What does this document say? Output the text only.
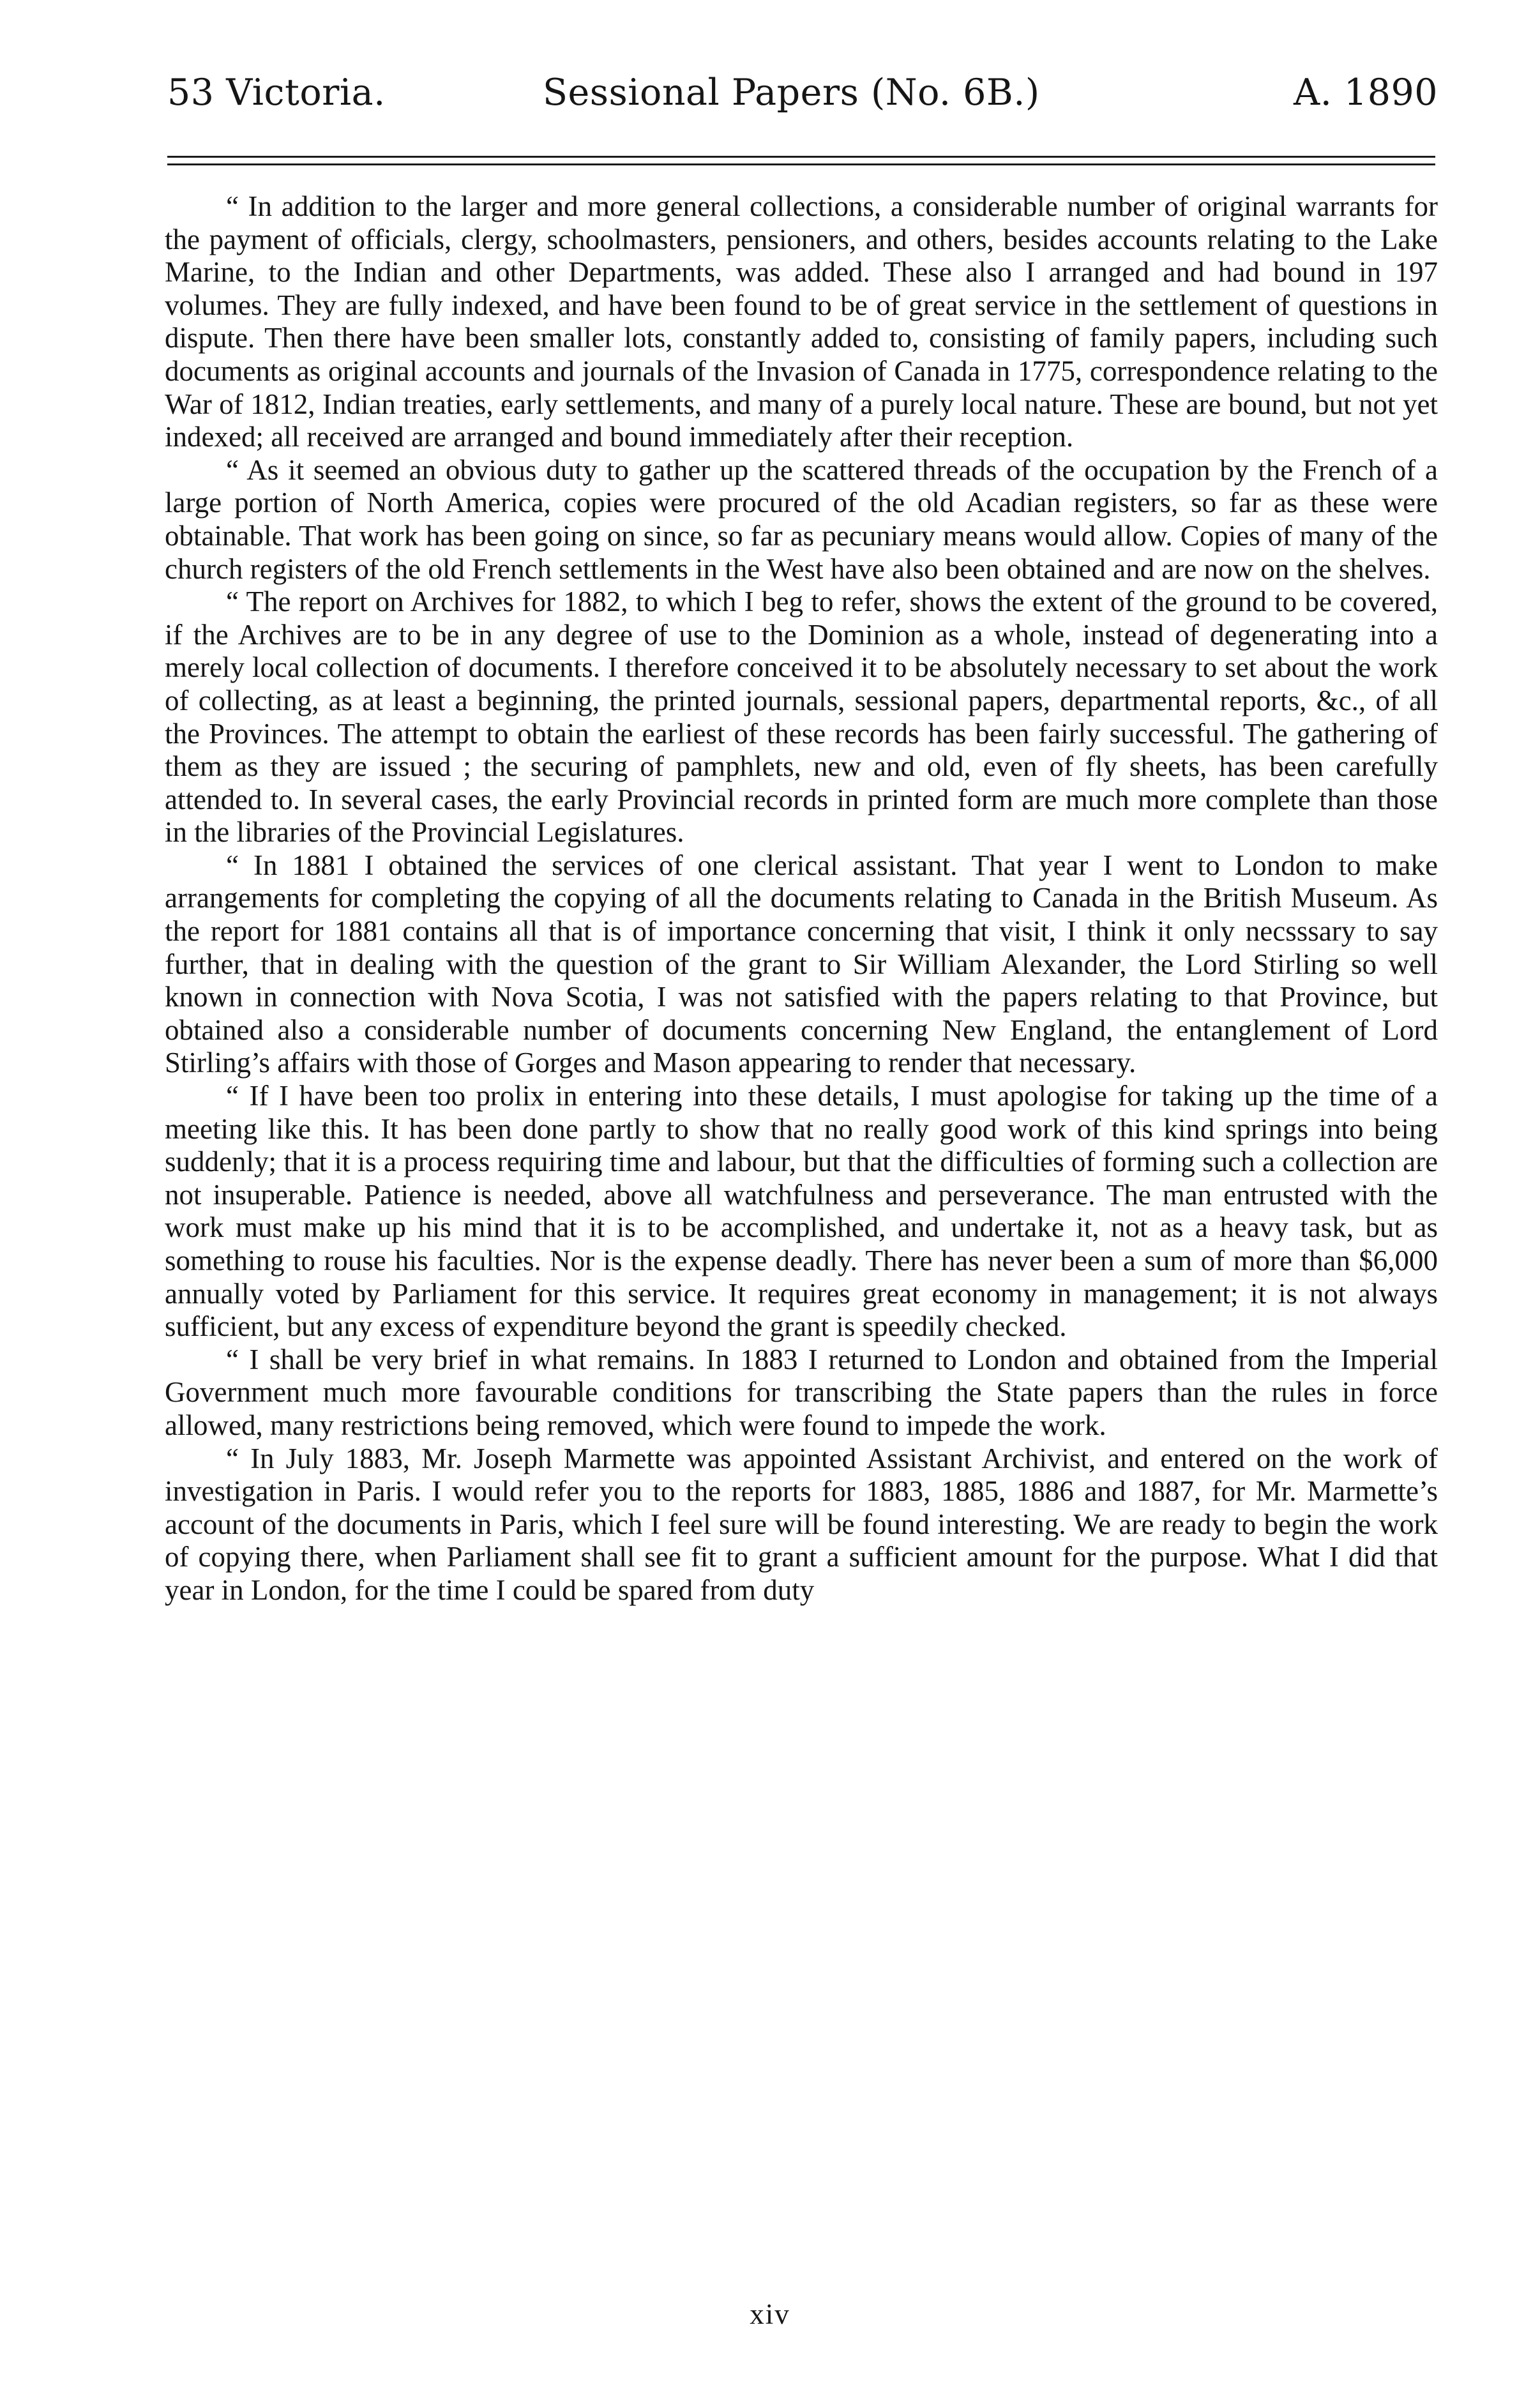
53 Victoria.	Sessional Papers (No. 6B.)	A. 1890

“ In addition to the larger and more general collections, a considerable number of original warrants for the payment of officials, clergy, schoolmasters, pensioners, and others, besides accounts relating to the Lake Marine, to the Indian and other Departments, was added. These also I arranged and had bound in 197 volumes. They are fully indexed, and have been found to be of great service in the settlement of questions in dispute. Then there have been smaller lots, constantly added to, consisting of family papers, including such documents as original accounts and journals of the Invasion of Canada in 1775, correspondence relating to the War of 1812, Indian treaties, early settlements, and many of a purely local nature. These are bound, but not yet indexed; all received are arranged and bound immediately after their reception.

“ As it seemed an obvious duty to gather up the scattered threads of the occupation by the French of a large portion of North America, copies were procured of the old Acadian registers, so far as these were obtainable. That work has been going on since, so far as pecuniary means would allow. Copies of many of the church registers of the old French settlements in the West have also been obtained and are now on the shelves.

“ The report on Archives for 1882, to which I beg to refer, shows the extent of the ground to be covered, if the Archives are to be in any degree of use to the Dominion as a whole, instead of degenerating into a merely local collection of documents. I therefore conceived it to be absolutely necessary to set about the work of collecting, as at least a beginning, the printed journals, sessional papers, departmental reports, &c., of all the Provinces. The attempt to obtain the earliest of these records has been fairly successful. The gathering of them as they are issued ; the securing of pamphlets, new and old, even of fly sheets, has been carefully attended to. In several cases, the early Provincial records in printed form are much more complete than those in the libraries of the Provincial Legislatures.

“ In 1881 I obtained the services of one clerical assistant. That year I went to London to make arrangements for completing the copying of all the documents relating to Canada in the British Museum. As the report for 1881 contains all that is of importance concerning that visit, I think it only necsssary to say further, that in dealing with the question of the grant to Sir William Alexander, the Lord Stirling so well known in connection with Nova Scotia, I was not satisfied with the papers relating to that Province, but obtained also a considerable number of documents concerning New England, the entanglement of Lord Stirling’s affairs with those of Gorges and Mason appearing to render that necessary.

“ If I have been too prolix in entering into these details, I must apologise for taking up the time of a meeting like this. It has been done partly to show that no really good work of this kind springs into being suddenly; that it is a process requiring time and labour, but that the difficulties of forming such a collection are not insuperable. Patience is needed, above all watchfulness and perseverance. The man entrusted with the work must make up his mind that it is to be accomplished, and undertake it, not as a heavy task, but as something to rouse his faculties. Nor is the expense deadly. There has never been a sum of more than $6,000 annually voted by Parliament for this service. It requires great economy in management; it is not always sufficient, but any excess of expenditure beyond the grant is speedily checked.

“ I shall be very brief in what remains. In 1883 I returned to London and obtained from the Imperial Government much more favourable conditions for transcribing the State papers than the rules in force allowed, many restrictions being removed, which were found to impede the work.

“ In July 1883, Mr. Joseph Marmette was appointed Assistant Archivist, and entered on the work of investigation in Paris. I would refer you to the reports for 1883, 1885, 1886 and 1887, for Mr. Marmette’s account of the documents in Paris, which I feel sure will be found interesting. We are ready to begin the work of copying there, when Parliament shall see fit to grant a sufficient amount for the purpose. What I did that year in London, for the time I could be spared from duty

xiv
